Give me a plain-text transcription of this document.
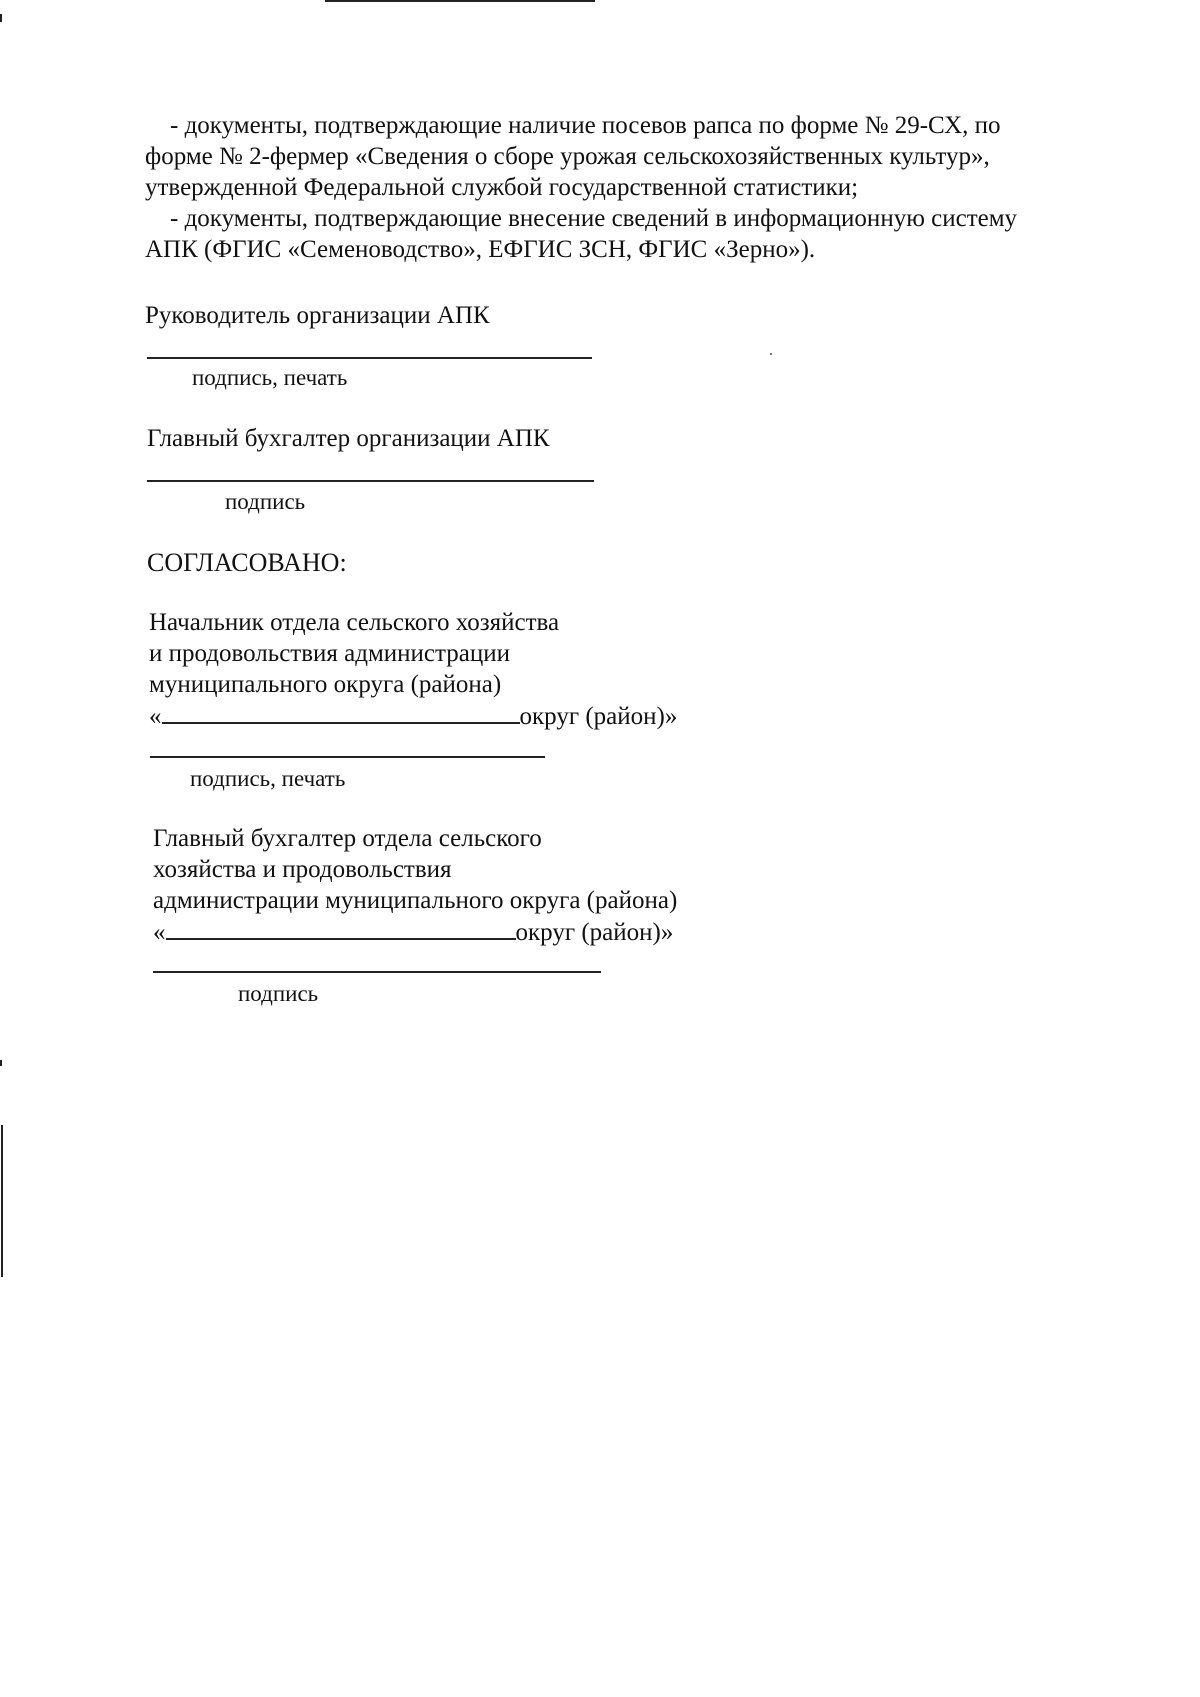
- документы, подтверждающие наличие посевов рапса по форме № 29-СХ, по
форме № 2-фермер «Сведения о сборе урожая сельскохозяйственных культур»,
утвержденной Федеральной службой государственной статистики;
- документы, подтверждающие внесение сведений в информационную систему
АПК (ФГИС «Семеноводство», ЕФГИС ЗСН, ФГИС «Зерно»).
Руководитель организации АПК
подпись, печать
Главный бухгалтер организации АПК
подпись
СОГЛАСОВАНО:
Начальник отдела сельского хозяйства
и продовольствия администрации
муниципального округа (района)
«	округ (район)»
подпись, печать
Главный бухгалтер отдела сельского
хозяйства и продовольствия
администрации муниципального округа (района)
«	округ (район)»
подпись
